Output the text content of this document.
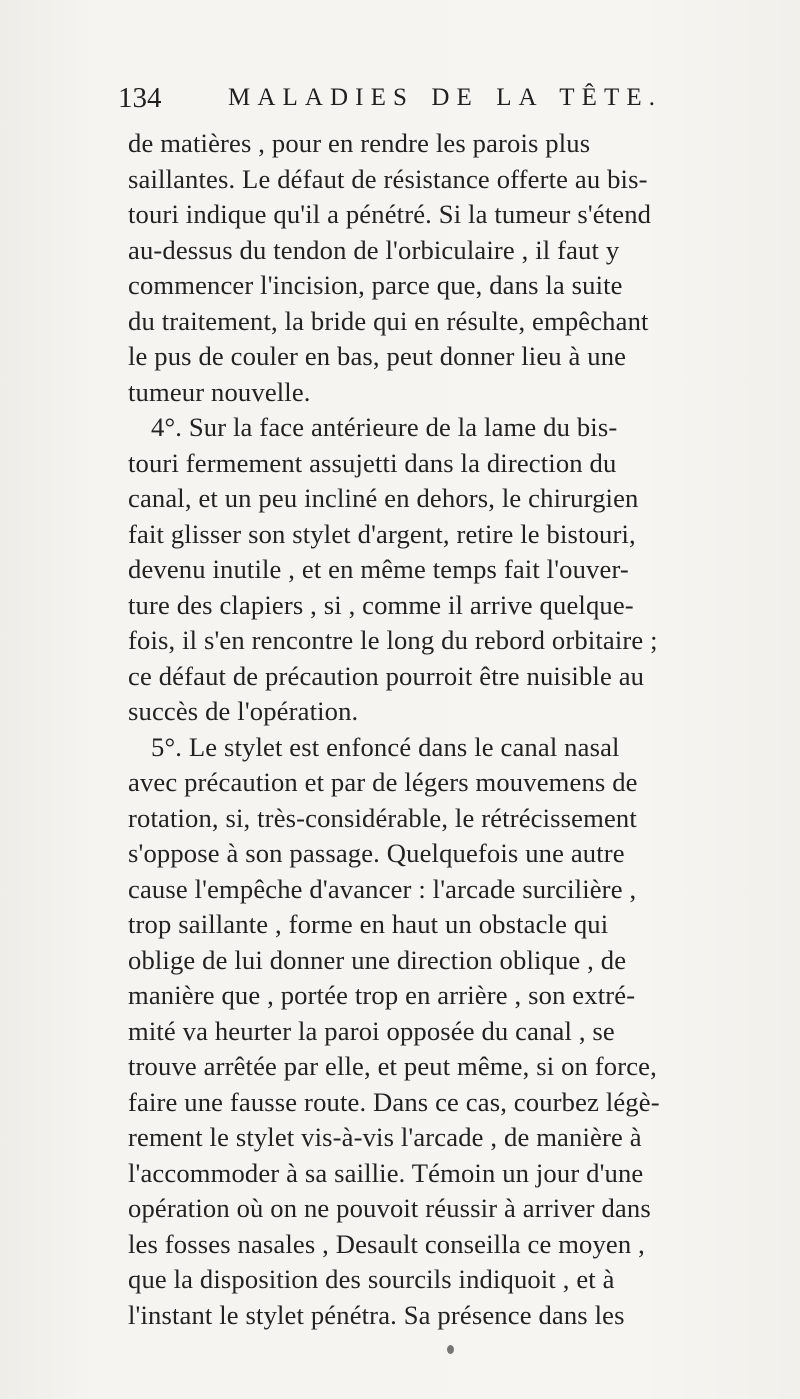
134	MALADIES DE LA TÊTE.
de matières , pour en rendre les parois plus
saillantes. Le défaut de résistance offerte au bis-
touri indique qu'il a pénétré. Si la tumeur s'étend
au-dessus du tendon de l'orbiculaire , il faut y
commencer l'incision, parce que, dans la suite
du traitement, la bride qui en résulte, empêchant
le pus de couler en bas, peut donner lieu à une
tumeur nouvelle.
4°. Sur la face antérieure de la lame du bis-
touri fermement assujetti dans la direction du
canal, et un peu incliné en dehors, le chirurgien
fait glisser son stylet d'argent, retire le bistouri,
devenu inutile , et en même temps fait l'ouver-
ture des clapiers , si , comme il arrive quelque-
fois, il s'en rencontre le long du rebord orbitaire ;
ce défaut de précaution pourroit être nuisible au
succès de l'opération.
5°. Le stylet est enfoncé dans le canal nasal
avec précaution et par de légers mouvemens de
rotation, si, très-considérable, le rétrécissement
s'oppose à son passage. Quelquefois une autre
cause l'empêche d'avancer : l'arcade surcilière ,
trop saillante , forme en haut un obstacle qui
oblige de lui donner une direction oblique , de
manière que , portée trop en arrière , son extré-
mité va heurter la paroi opposée du canal , se
trouve arrêtée par elle, et peut même, si on force,
faire une fausse route. Dans ce cas, courbez légè-
rement le stylet vis-à-vis l'arcade , de manière à
l'accommoder à sa saillie. Témoin un jour d'une
opération où on ne pouvoit réussir à arriver dans
les fosses nasales , Desault conseilla ce moyen ,
que la disposition des sourcils indiquoit , et à
l'instant le stylet pénétra. Sa présence dans les
